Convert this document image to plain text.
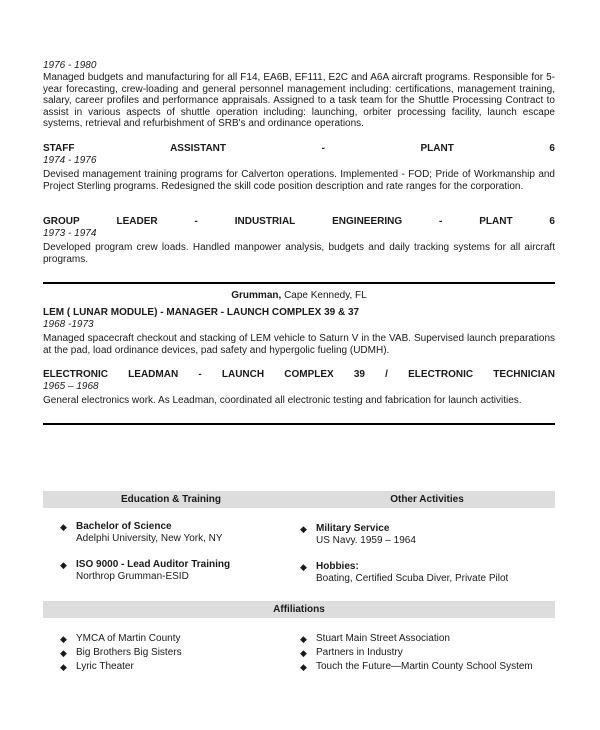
1976 - 1980

Managed budgets and manufacturing for all F14, EA6B, EF111, E2C and A6A aircraft programs. Responsible for 5-year forecasting, crew-loading and general personnel management including: certifications, management training, salary, career profiles and performance appraisals. Assigned to a task team for the Shuttle Processing Contract to assist in various aspects of shuttle operation including: launching, orbiter processing facility, launch escape systems, retrieval and refurbishment of SRB's and ordinance operations.

STAFF	ASSISTANT	-	PLANT	6

1974 - 1976

Devised management training programs for Calverton operations. Implemented - FOD; Pride of Workmanship and Project Sterling programs. Redesigned the skill code position description and rate ranges for the corporation.

GROUP	LEADER	-	INDUSTRIAL	ENGINEERING	-	PLANT	6

1973 - 1974

Developed program crew loads. Handled manpower analysis, budgets and daily tracking systems for all aircraft programs.

Grumman, Cape Kennedy, FL

LEM ( LUNAR MODULE) - MANAGER - LAUNCH COMPLEX 39 & 37

1968 -1973

Managed spacecraft checkout and stacking of LEM vehicle to Saturn V in the VAB. Supervised launch preparations at the pad, load ordinance devices, pad safety and hypergolic fueling (UDMH).

ELECTRONIC LEADMAN - LAUNCH COMPLEX 39 / ELECTRONIC TECHNICIAN

1965 – 1968

General electronics work. As Leadman, coordinated all electronic testing and fabrication for launch activities.

Education & Training	Other Activities
◆ Bachelor of Science
Adelphi University, New York, NY
◆ ISO 9000 - Lead Auditor Training
Northrop Grumman-ESID
◆ Military Service
US Navy. 1959 – 1964
◆ Hobbies:
Boating, Certified Scuba Diver, Private Pilot
Affiliations
◆ YMCA of Martin County
◆ Big Brothers Big Sisters
◆ Lyric Theater
◆ Stuart Main Street Association
◆ Partners in Industry
◆ Touch the Future—Martin County School System
